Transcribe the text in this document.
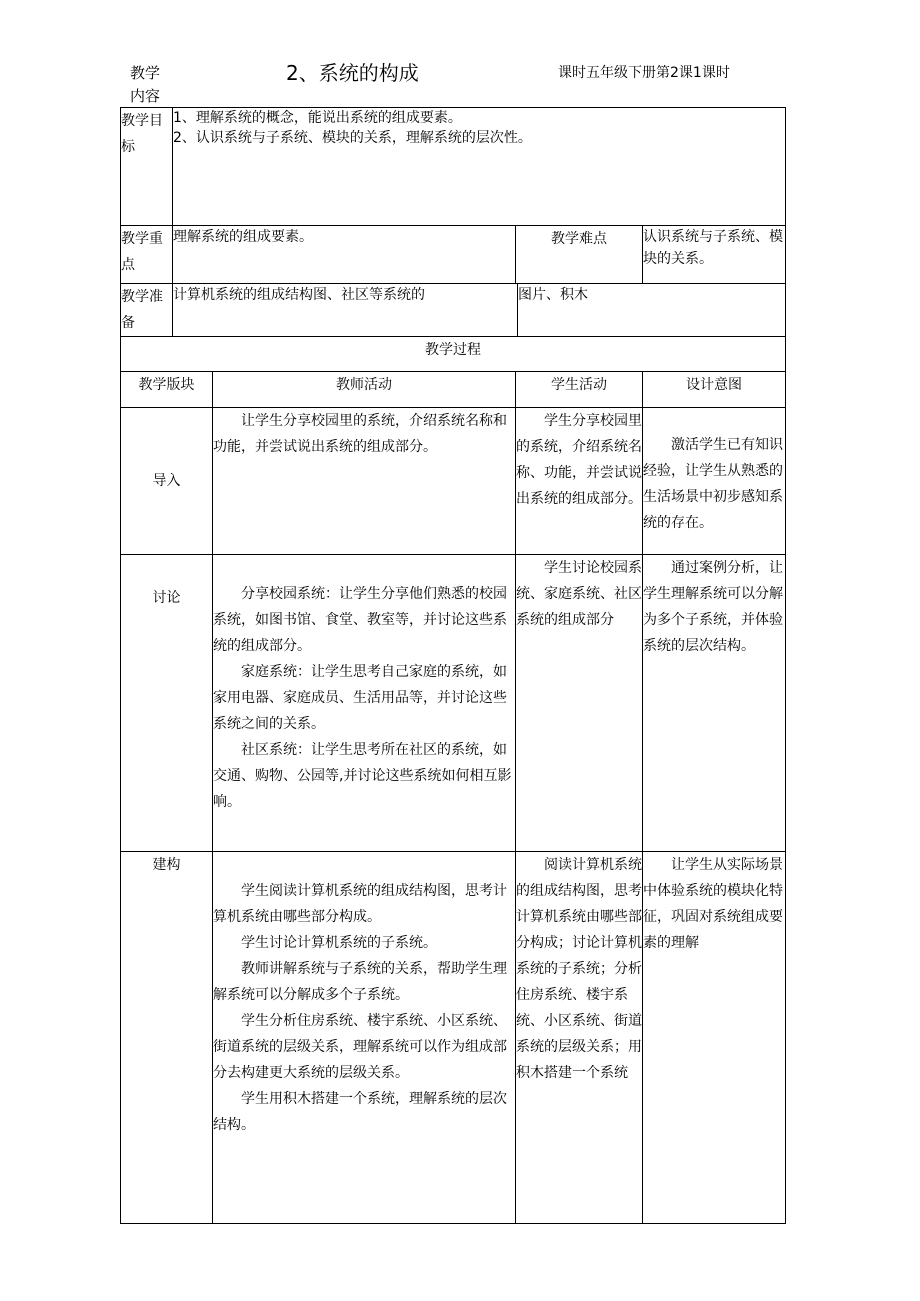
教学内容
2、系统的构成	课时五年级下册第2课1课时
教学目标	1、理解系统的概念，能说出系统的组成要素。
2、认识系统与子系统、模块的关系，理解系统的层次性。				

教学重点	理解系统的组成要素。		教学难点		认识系统与子系统、模块的关系。
教学准备	计算机系统的组成结构图、社区等系统的			图片、积木	
教学过程					
教学版块		教师活动	学生活动		设计意图
导入		让学生分享校园里的系统，介绍系统名称和功能，并尝试说出系统的组成部分。	学生分享校园里的系统，介绍系统名称、功能，并尝试说出系统的组成部分。		激活学生已有知识经验，让学生从熟悉的生活场景中初步感知系统的存在。

讨论		分享校园系统：让学生分享他们熟悉的校园系统，如图书馆、食堂、教室等，并讨论这些系统的组成部分。
家庭系统：让学生思考自己家庭的系统，如家用电器、家庭成员、生活用品等，并讨论这些系统之间的关系。
社区系统：让学生思考所在社区的系统，如交通、购物、公园等,并讨论这些系统如何相互影响。	学生讨论校园系统、家庭系统、社区系统的组成部分		通过案例分析，让学生理解系统可以分解为多个子系统，并体验系统的层次结构。

建构		学生阅读计算机系统的组成结构图，思考计算机系统由哪些部分构成。
学生讨论计算机系统的子系统。
教师讲解系统与子系统的关系，帮助学生理解系统可以分解成多个子系统。
学生分析住房系统、楼宇系统、小区系统、街道系统的层级关系，理解系统可以作为组成部分去构建更大系统的层级关系。
学生用积木搭建一个系统，理解系统的层次结构。	阅读计算机系统的组成结构图，思考计算机系统由哪些部分构成；讨论计算机系统的子系统；分析住房系统、楼宇系统、小区系统、街道系统的层级关系；用积木搭建一个系统		让学生从实际场景中体验系统的模块化特征，巩固对系统组成要素的理解
